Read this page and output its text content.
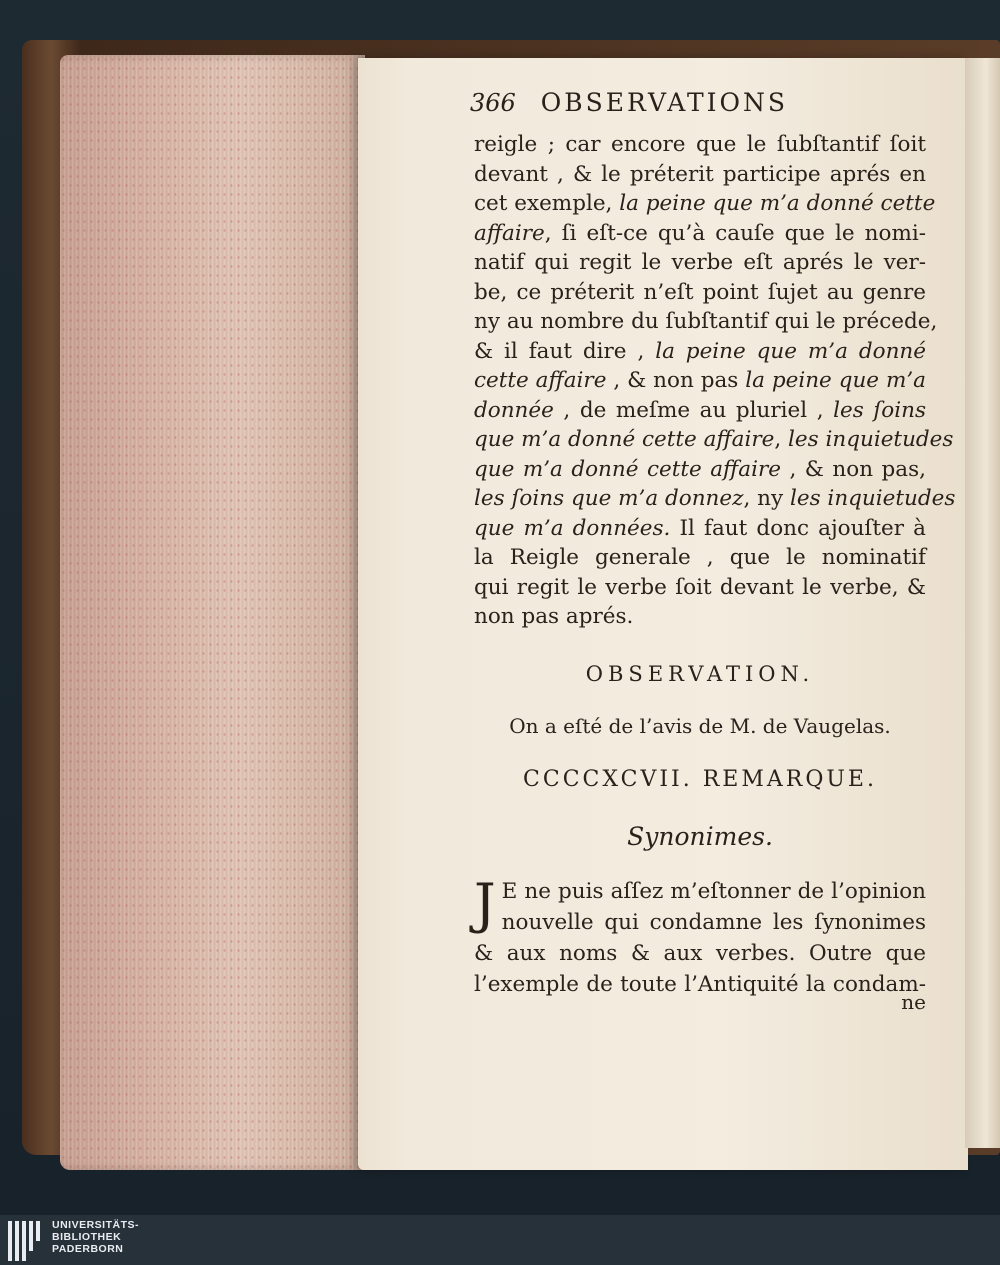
366 OBSERVATIONS
reigle ; car encore que le ſubſtantif ſoit
devant , & le préterit participe aprés en
cet exemple, la peine que m’a donné cette
affaire, ſi eſt-ce qu’à cauſe que le nomi-
natif qui regit le verbe eſt aprés le ver-
be, ce préterit n’eſt point ſujet au genre
ny au nombre du ſubſtantif qui le précede,
& il faut dire , la peine que m’a donné
cette affaire , & non pas la peine que m’a
donnée , de meſme au pluriel , les ſoins
que m’a donné cette affaire, les inquietudes
que m’a donné cette affaire , & non pas,
les ſoins que m’a donnez, ny les inquietudes
que m’a données. Il faut donc ajouſter à
la Reigle generale , que le nominatif
qui regit le verbe ſoit devant le verbe, &
non pas aprés.
OBSERVATION.
On a eſté de l’avis de M. de Vaugelas.
CCCCXCVII. REMARQUE.
Synonimes.
J E ne puis aſſez m’eſtonner de l’opinion
nouvelle qui condamne les ſynonimes
& aux noms & aux verbes. Outre que
l’exemple de toute l’Antiquité la condam-
ne
UNIVERSITÄTS-
BIBLIOTHEK
PADERBORN
